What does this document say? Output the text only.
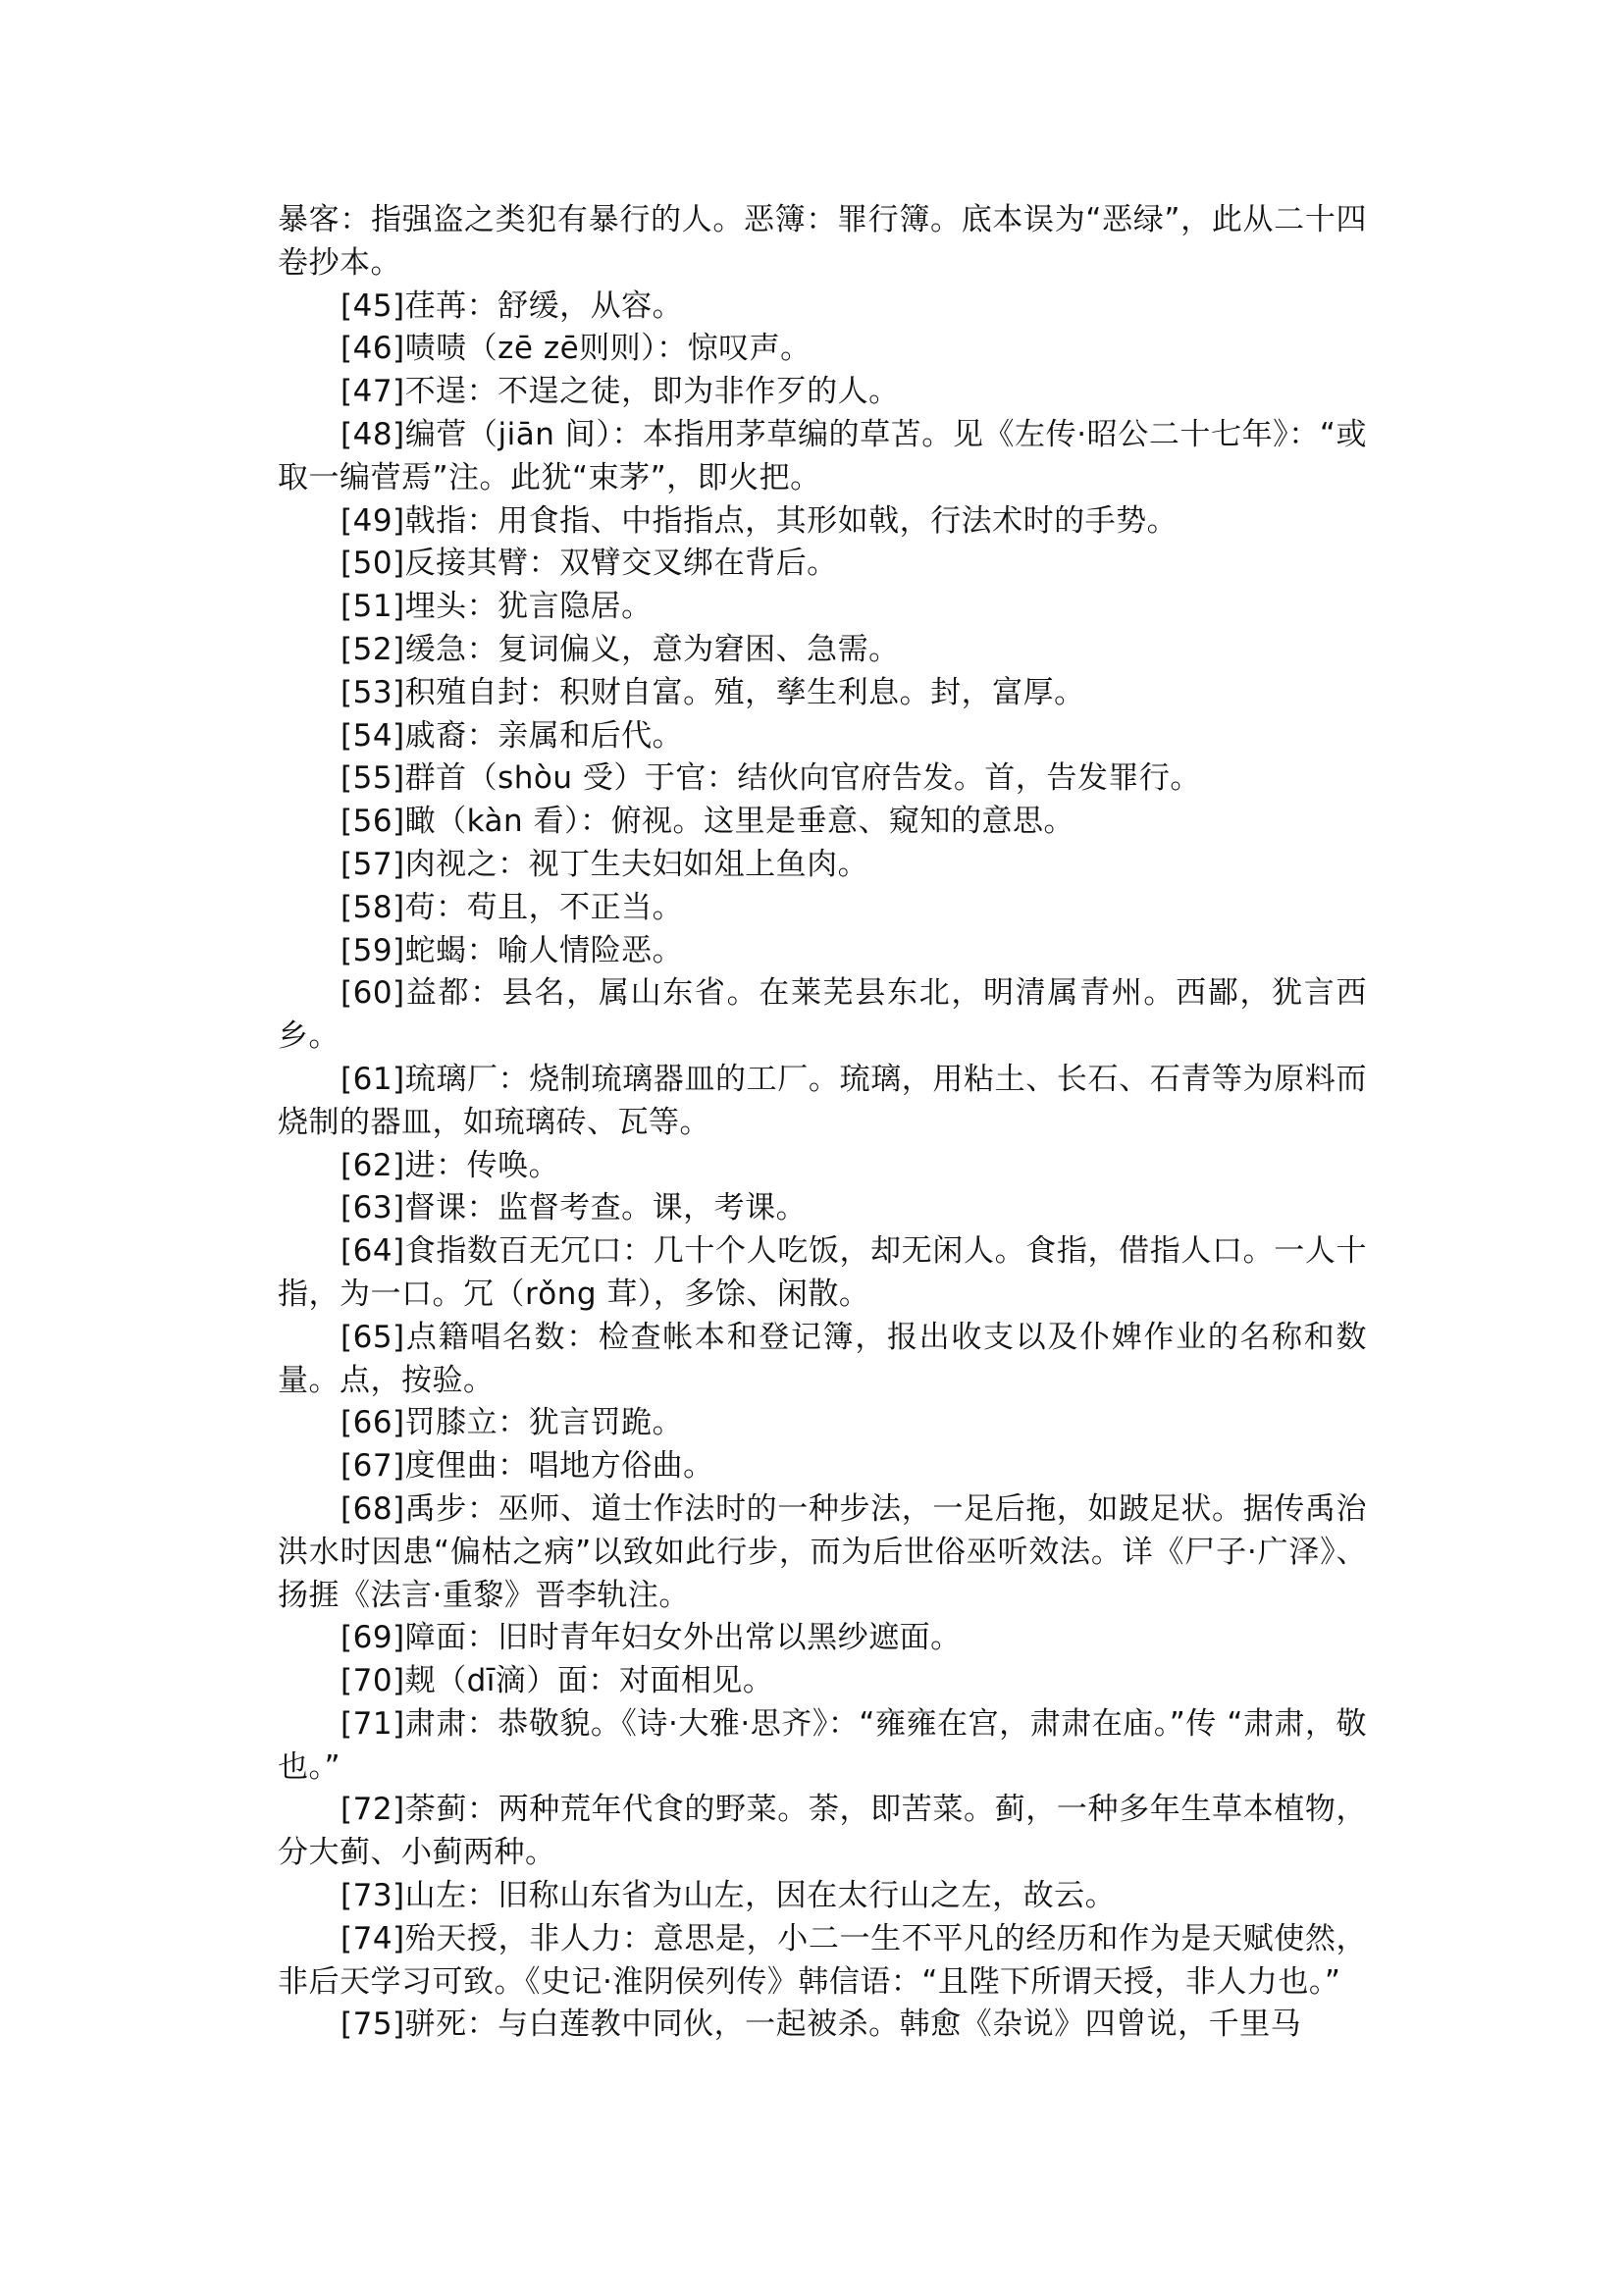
暴客：指强盗之类犯有暴行的人。恶簿：罪行簿。底本误为“恶绿”，此从二十四卷抄本。

[45]荏苒：舒缓，从容。

[46]啧啧（zē zē则则）：惊叹声。

[47]不逞：不逞之徒，即为非作歹的人。

[48]编菅（jiān 间）：本指用茅草编的草苫。见《左传·昭公二十七年》：“或取一编菅焉”注。此犹“束茅”，即火把。

[49]戟指：用食指、中指指点，其形如戟，行法术时的手势。

[50]反接其臂：双臂交叉绑在背后。

[51]埋头：犹言隐居。

[52]缓急：复词偏义，意为窘困、急需。

[53]积殖自封：积财自富。殖，孳生利息。封，富厚。

[54]戚裔：亲属和后代。

[55]群首（shòu 受）于官：结伙向官府告发。首，告发罪行。

[56]瞰（kàn 看）：俯视。这里是垂意、窥知的意思。

[57]肉视之：视丁生夫妇如俎上鱼肉。

[58]苟：苟且，不正当。

[59]蛇蝎：喻人情险恶。

[60]益都：县名，属山东省。在莱芜县东北，明清属青州。西鄙，犹言西乡。

[61]琉璃厂：烧制琉璃器皿的工厂。琉璃，用粘土、长石、石青等为原料而烧制的器皿，如琉璃砖、瓦等。

[62]进：传唤。

[63]督课：监督考查。课，考课。

[64]食指数百无冗口：几十个人吃饭，却无闲人。食指，借指人口。一人十指，为一口。冗（rǒng 茸），多馀、闲散。

[65]点籍唱名数：检查帐本和登记簿，报出收支以及仆婢作业的名称和数量。点，按验。

[66]罚膝立：犹言罚跪。

[67]度俚曲：唱地方俗曲。

[68]禹步：巫师、道士作法时的一种步法，一足后拖，如跛足状。据传禹治洪水时因患“偏枯之病”以致如此行步，而为后世俗巫听效法。详《尸子·广泽》、扬捱《法言·重黎》晋李轨注。

[69]障面：旧时青年妇女外出常以黑纱遮面。

[70]觌（dī滴）面：对面相见。

[71]肃肃：恭敬貌。《诗·大雅·思齐》：“雍雍在宫，肃肃在庙。”传 “肃肃，敬也。”

[72]荼蓟：两种荒年代食的野菜。荼，即苦菜。蓟，一种多年生草本植物，分大蓟、小蓟两种。

[73]山左：旧称山东省为山左，因在太行山之左，故云。

[74]殆天授，非人力：意思是，小二一生不平凡的经历和作为是天赋使然，非后天学习可致。《史记·淮阴侯列传》韩信语：“且陛下所谓天授，非人力也。”

[75]骈死：与白莲教中同伙，一起被杀。韩愈《杂说》四曾说，千里马
